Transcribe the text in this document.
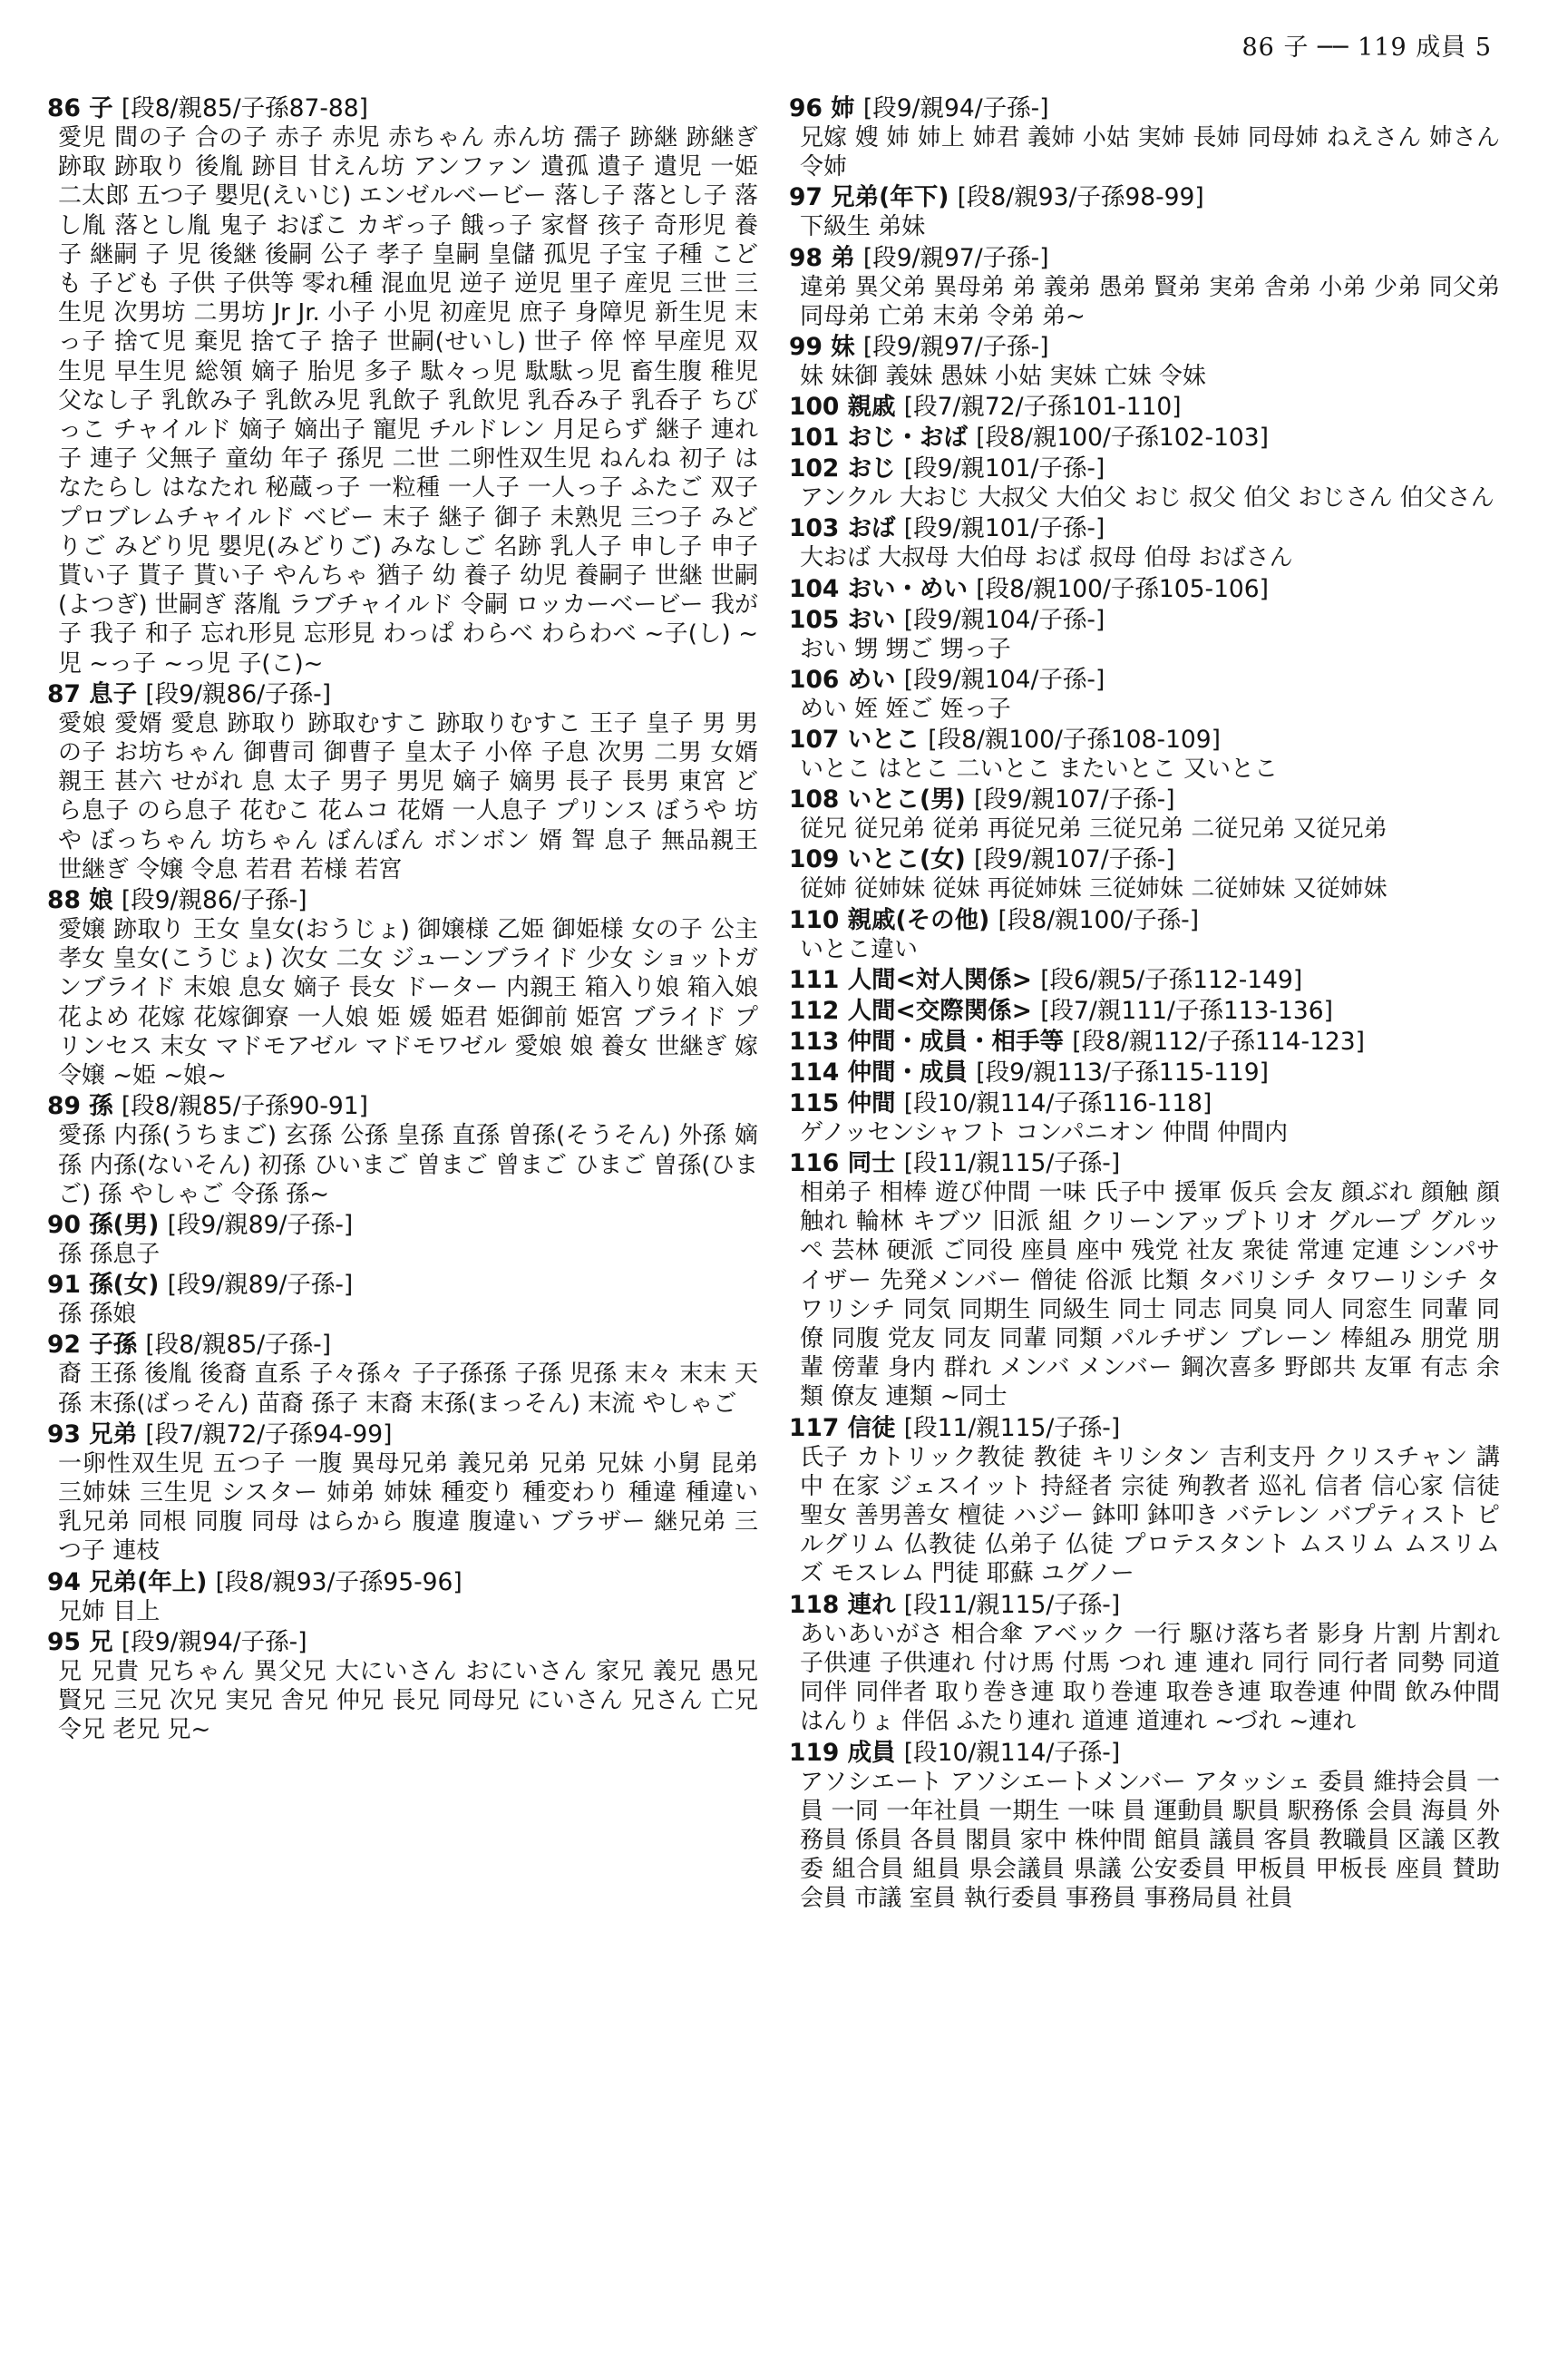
86 子 ── 119 成員 5
86 子 [段8/親85/子孫87-88]
愛児 間の子 合の子 赤子 赤児 赤ちゃん 赤ん坊 孺子 跡継 跡継ぎ 跡取 跡取り 後胤 跡目 甘えん坊 アンファン 遺孤 遺子 遺児 一姫二太郎 五つ子 嬰児(えいじ) エンゼルベービー 落し子 落とし子 落し胤 落とし胤 鬼子 おぼこ カギっ子 餓っ子 家督 孩子 奇形児 養子 継嗣 子 児 後継 後嗣 公子 孝子 皇嗣 皇儲 孤児 子宝 子種 こども 子ども 子供 子供等 零れ種 混血児 逆子 逆児 里子 産児 三世 三生児 次男坊 二男坊 Jr Jr. 小子 小児 初産児 庶子 身障児 新生児 末っ子 捨て児 棄児 捨て子 捨子 世嗣(せいし) 世子 倅 悴 早産児 双生児 早生児 総領 嫡子 胎児 多子 駄々っ児 駄駄っ児 畜生腹 稚児 父なし子 乳飲み子 乳飲み児 乳飲子 乳飲児 乳呑み子 乳呑子 ちびっこ チャイルド 嫡子 嫡出子 寵児 チルドレン 月足らず 継子 連れ子 連子 父無子 童幼 年子 孫児 二世 二卵性双生児 ねんね 初子 はなたらし はなたれ 秘蔵っ子 一粒種 一人子 一人っ子 ふたご 双子 プロブレムチャイルド ベビー 末子 継子 御子 未熟児 三つ子 みどりご みどり児 嬰児(みどりご) みなしご 名跡 乳人子 申し子 申子 貰い子 貰子 貰い子 やんちゃ 猶子 幼 養子 幼児 養嗣子 世継 世嗣(よつぎ) 世嗣ぎ 落胤 ラブチャイルド 令嗣 ロッカーベービー 我が子 我子 和子 忘れ形見 忘形見 わっぱ わらべ わらわべ ~子(し) ~児 ~っ子 ~っ児 子(こ)~
87 息子 [段9/親86/子孫-]
愛娘 愛婿 愛息 跡取り 跡取むすこ 跡取りむすこ 王子 皇子 男 男の子 お坊ちゃん 御曹司 御曹子 皇太子 小倅 子息 次男 二男 女婿 親王 甚六 せがれ 息 太子 男子 男児 嫡子 嫡男 長子 長男 東宮 どら息子 のら息子 花むこ 花ムコ 花婿 一人息子 プリンス ぼうや 坊や ぼっちゃん 坊ちゃん ぼんぼん ボンボン 婿 聟 息子 無品親王 世継ぎ 令嬢 令息 若君 若様 若宮
88 娘 [段9/親86/子孫-]
愛嬢 跡取り 王女 皇女(おうじょ) 御嬢様 乙姫 御姫様 女の子 公主 孝女 皇女(こうじょ) 次女 二女 ジューンブライド 少女 ショットガンブライド 末娘 息女 嫡子 長女 ドーター 内親王 箱入り娘 箱入娘 花よめ 花嫁 花嫁御寮 一人娘 姫 媛 姫君 姫御前 姫宮 ブライド プリンセス 末女 マドモアゼル マドモワゼル 愛娘 娘 養女 世継ぎ 嫁 令嬢 ~姫 ~娘~
89 孫 [段8/親85/子孫90-91]
愛孫 内孫(うちまご) 玄孫 公孫 皇孫 直孫 曽孫(そうそん) 外孫 嫡孫 内孫(ないそん) 初孫 ひいまご 曽まご 曾まご ひまご 曽孫(ひまご) 孫 やしゃご 令孫 孫~
90 孫(男) [段9/親89/子孫-]
孫 孫息子
91 孫(女) [段9/親89/子孫-]
孫 孫娘
92 子孫 [段8/親85/子孫-]
裔 王孫 後胤 後裔 直系 子々孫々 子子孫孫 子孫 児孫 末々 末末 天孫 末孫(ばっそん) 苗裔 孫子 末裔 末孫(まっそん) 末流 やしゃご
93 兄弟 [段7/親72/子孫94-99]
一卵性双生児 五つ子 一腹 異母兄弟 義兄弟 兄弟 兄妹 小舅 昆弟 三姉妹 三生児 シスター 姉弟 姉妹 種変り 種変わり 種違 種違い 乳兄弟 同根 同腹 同母 はらから 腹違 腹違い ブラザー 継兄弟 三つ子 連枝
94 兄弟(年上) [段8/親93/子孫95-96]
兄姉 目上
95 兄 [段9/親94/子孫-]
兄 兄貴 兄ちゃん 異父兄 大にいさん おにいさん 家兄 義兄 愚兄 賢兄 三兄 次兄 実兄 舎兄 仲兄 長兄 同母兄 にいさん 兄さん 亡兄 令兄 老兄 兄~
96 姉 [段9/親94/子孫-]
兄嫁 嫂 姉 姉上 姉君 義姉 小姑 実姉 長姉 同母姉 ねえさん 姉さん 令姉
97 兄弟(年下) [段8/親93/子孫98-99]
下級生 弟妹
98 弟 [段9/親97/子孫-]
違弟 異父弟 異母弟 弟 義弟 愚弟 賢弟 実弟 舎弟 小弟 少弟 同父弟 同母弟 亡弟 末弟 令弟 弟~
99 妹 [段9/親97/子孫-]
妹 妹御 義妹 愚妹 小姑 実妹 亡妹 令妹
100 親戚 [段7/親72/子孫101-110]
101 おじ・おば [段8/親100/子孫102-103]
102 おじ [段9/親101/子孫-]
アンクル 大おじ 大叔父 大伯父 おじ 叔父 伯父 おじさん 伯父さん
103 おば [段9/親101/子孫-]
大おば 大叔母 大伯母 おば 叔母 伯母 おばさん
104 おい・めい [段8/親100/子孫105-106]
105 おい [段9/親104/子孫-]
おい 甥 甥ご 甥っ子
106 めい [段9/親104/子孫-]
めい 姪 姪ご 姪っ子
107 いとこ [段8/親100/子孫108-109]
いとこ はとこ 二いとこ またいとこ 又いとこ
108 いとこ(男) [段9/親107/子孫-]
従兄 従兄弟 従弟 再従兄弟 三従兄弟 二従兄弟 又従兄弟
109 いとこ(女) [段9/親107/子孫-]
従姉 従姉妹 従妹 再従姉妹 三従姉妹 二従姉妹 又従姉妹
110 親戚(その他) [段8/親100/子孫-]
いとこ違い
111 人間<対人関係> [段6/親5/子孫112-149]
112 人間<交際関係> [段7/親111/子孫113-136]
113 仲間・成員・相手等 [段8/親112/子孫114-123]
114 仲間・成員 [段9/親113/子孫115-119]
115 仲間 [段10/親114/子孫116-118]
ゲノッセンシャフト コンパニオン 仲間 仲間内
116 同士 [段11/親115/子孫-]
相弟子 相棒 遊び仲間 一味 氏子中 援軍 仮兵 会友 顔ぶれ 顔触 顔触れ 輪林 キブツ 旧派 組 クリーンアップトリオ グループ グルッペ 芸林 硬派 ご同役 座員 座中 残党 社友 衆徒 常連 定連 シンパサイザー 先発メンバー 僧徒 俗派 比類 タバリシチ タワーリシチ タワリシチ 同気 同期生 同級生 同士 同志 同臭 同人 同窓生 同輩 同僚 同腹 党友 同友 同輩 同類 パルチザン ブレーン 棒組み 朋党 朋輩 傍輩 身内 群れ メンバ メンバー 鋼次喜多 野郎共 友軍 有志 余類 僚友 連類 ~同士
117 信徒 [段11/親115/子孫-]
氏子 カトリック教徒 教徒 キリシタン 吉利支丹 クリスチャン 講中 在家 ジェスイット 持経者 宗徒 殉教者 巡礼 信者 信心家 信徒 聖女 善男善女 檀徒 ハジー 鉢叩 鉢叩き バテレン バプティスト ピルグリム 仏教徒 仏弟子 仏徒 プロテスタント ムスリム ムスリムズ モスレム 門徒 耶蘇 ユグノー
118 連れ [段11/親115/子孫-]
あいあいがさ 相合傘 アベック 一行 駆け落ち者 影身 片割 片割れ 子供連 子供連れ 付け馬 付馬 つれ 連 連れ 同行 同行者 同勢 同道 同伴 同伴者 取り巻き連 取り巻連 取巻き連 取巻連 仲間 飲み仲間 はんりょ 伴侶 ふたり連れ 道連 道連れ ~づれ ~連れ
119 成員 [段10/親114/子孫-]
アソシエート アソシエートメンバー アタッシェ 委員 維持会員 一員 一同 一年社員 一期生 一味 員 運動員 駅員 駅務係 会員 海員 外務員 係員 各員 閣員 家中 株仲間 館員 議員 客員 教職員 区議 区教委 組合員 組員 県会議員 県議 公安委員 甲板員 甲板長 座員 賛助会員 市議 室員 執行委員 事務員 事務局員 社員
